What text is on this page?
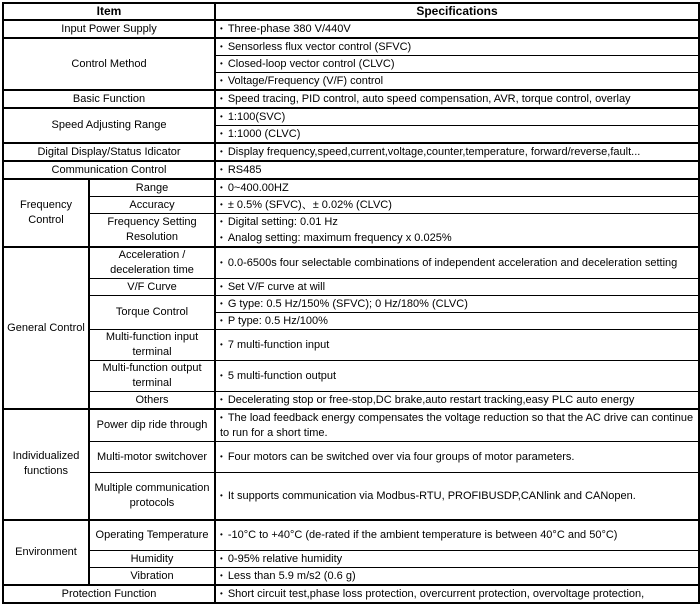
Item		Specifications
Input Power Supply		• Three-phase 380 V/440V

Control Method		• Sensorless flux vector control (SFVC)

		• Closed-loop vector control (CLVC)

		• Voltage/Frequency (V/F) control

Basic Function		• Speed tracing, PID control, auto speed compensation, AVR, torque control, overlay

Speed Adjusting Range		• 1:100(SVC)

		• 1:1000 (CLVC)

Digital Display/Status Idicator		• Display frequency,speed,current,voltage,counter,temperature, forward/reverse,fault...

Communication Control		• RS485

Frequency Control	Range	• 0~400.00HZ

	Accuracy	• ± 0.5% (SFVC)、± 0.02% (CLVC)

	Frequency Setting Resolution	• Digital setting: 0.01 Hz
• Analog setting: maximum frequency x 0.025%

General Control	Acceleration / deceleration time	• 0.0-6500s four selectable combinations of independent acceleration and deceleration setting

	V/F Curve	• Set V/F curve at will

	Torque Control	• G type: 0.5 Hz/150% (SFVC); 0 Hz/180% (CLVC)

		• P type: 0.5 Hz/100%

	Multi-function input terminal	• 7 multi-function input

	Multi-function output terminal	• 5 multi-function output

	Others	• Decelerating stop or free-stop,DC brake,auto restart tracking,easy PLC auto energy

Individualized functions	Power dip ride through	• The load feedback energy compensates the voltage reduction so that the AC drive can continue to run for a short time.

	Multi-motor switchover	• Four motors can be switched over via four groups of motor parameters.

	Multiple communication protocols	• It supports communication via Modbus-RTU, PROFIBUSDP,CANlink and CANopen.

Environment	Operating Temperature	• -10°C to +40°C (de-rated if the ambient temperature is between 40°C and 50°C)

	Humidity	• 0-95% relative humidity

	Vibration	• Less than 5.9 m/s2 (0.6 g)

Protection Function		• Short circuit test,phase loss protection, overcurrent protection, overvoltage protection,
